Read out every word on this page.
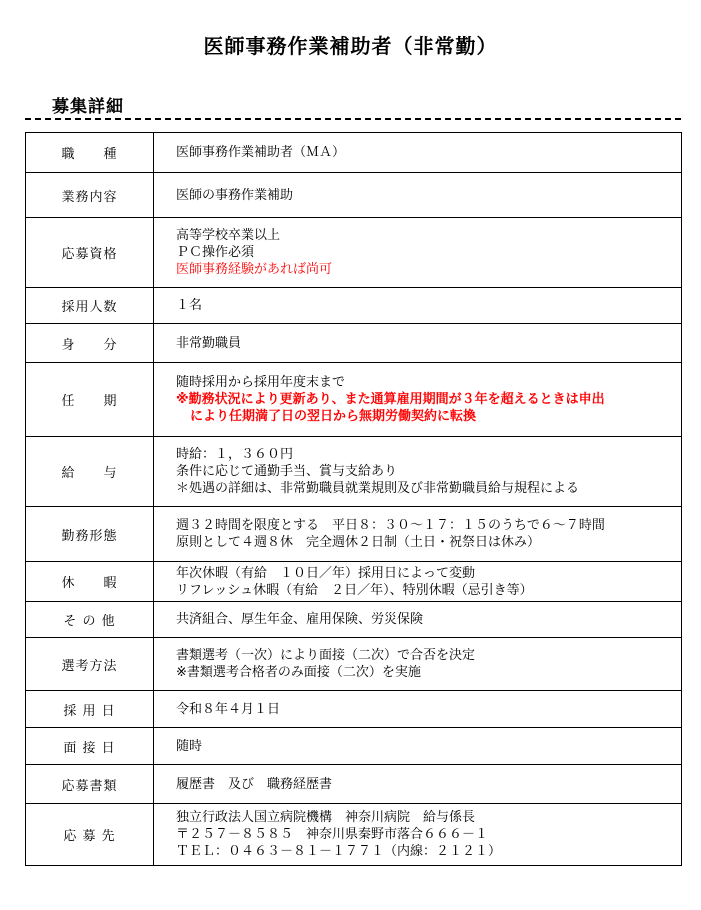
医師事務作業補助者（非常勤）
募集詳細
職　　種	医師事務作業補助者（ＭＡ）

業務内容	医師の事務作業補助

応募資格	高等学校卒業以上
ＰＣ操作必須
医師事務経験があれば尚可

採用人数	１名

身　　分	非常勤職員

任　　期	随時採用から採用年度末まで
※勤務状況により更新あり、また通算雇用期間が３年を超えるときは申出
により任期満了日の翌日から無期労働契約に転換

給　　与	時給：１，３６０円
条件に応じて通勤手当、賞与支給あり
＊処遇の詳細は、非常勤職員就業規則及び非常勤職員給与規程による

勤務形態	週３２時間を限度とする　平日８：３０～１７：１５のうちで６～７時間
原則として４週８休　完全週休２日制（土日・祝祭日は休み）

休　　暇	年次休暇（有給　１０日／年）採用日によって変動
リフレッシュ休暇（有給　２日／年）、特別休暇（忌引き等）

そ の 他	共済組合、厚生年金、雇用保険、労災保険

選考方法	書類選考（一次）により面接（二次）で合否を決定
※書類選考合格者のみ面接（二次）を実施

採 用 日	令和８年４月１日

面 接 日	随時

応募書類	履歴書　及び　職務経歴書

応 募 先	独立行政法人国立病院機構　神奈川病院　給与係長
〒２５７－８５８５　神奈川県秦野市落合６６６－１
ＴＥＬ：０４６３－８１－１７７１（内線：２１２１）
